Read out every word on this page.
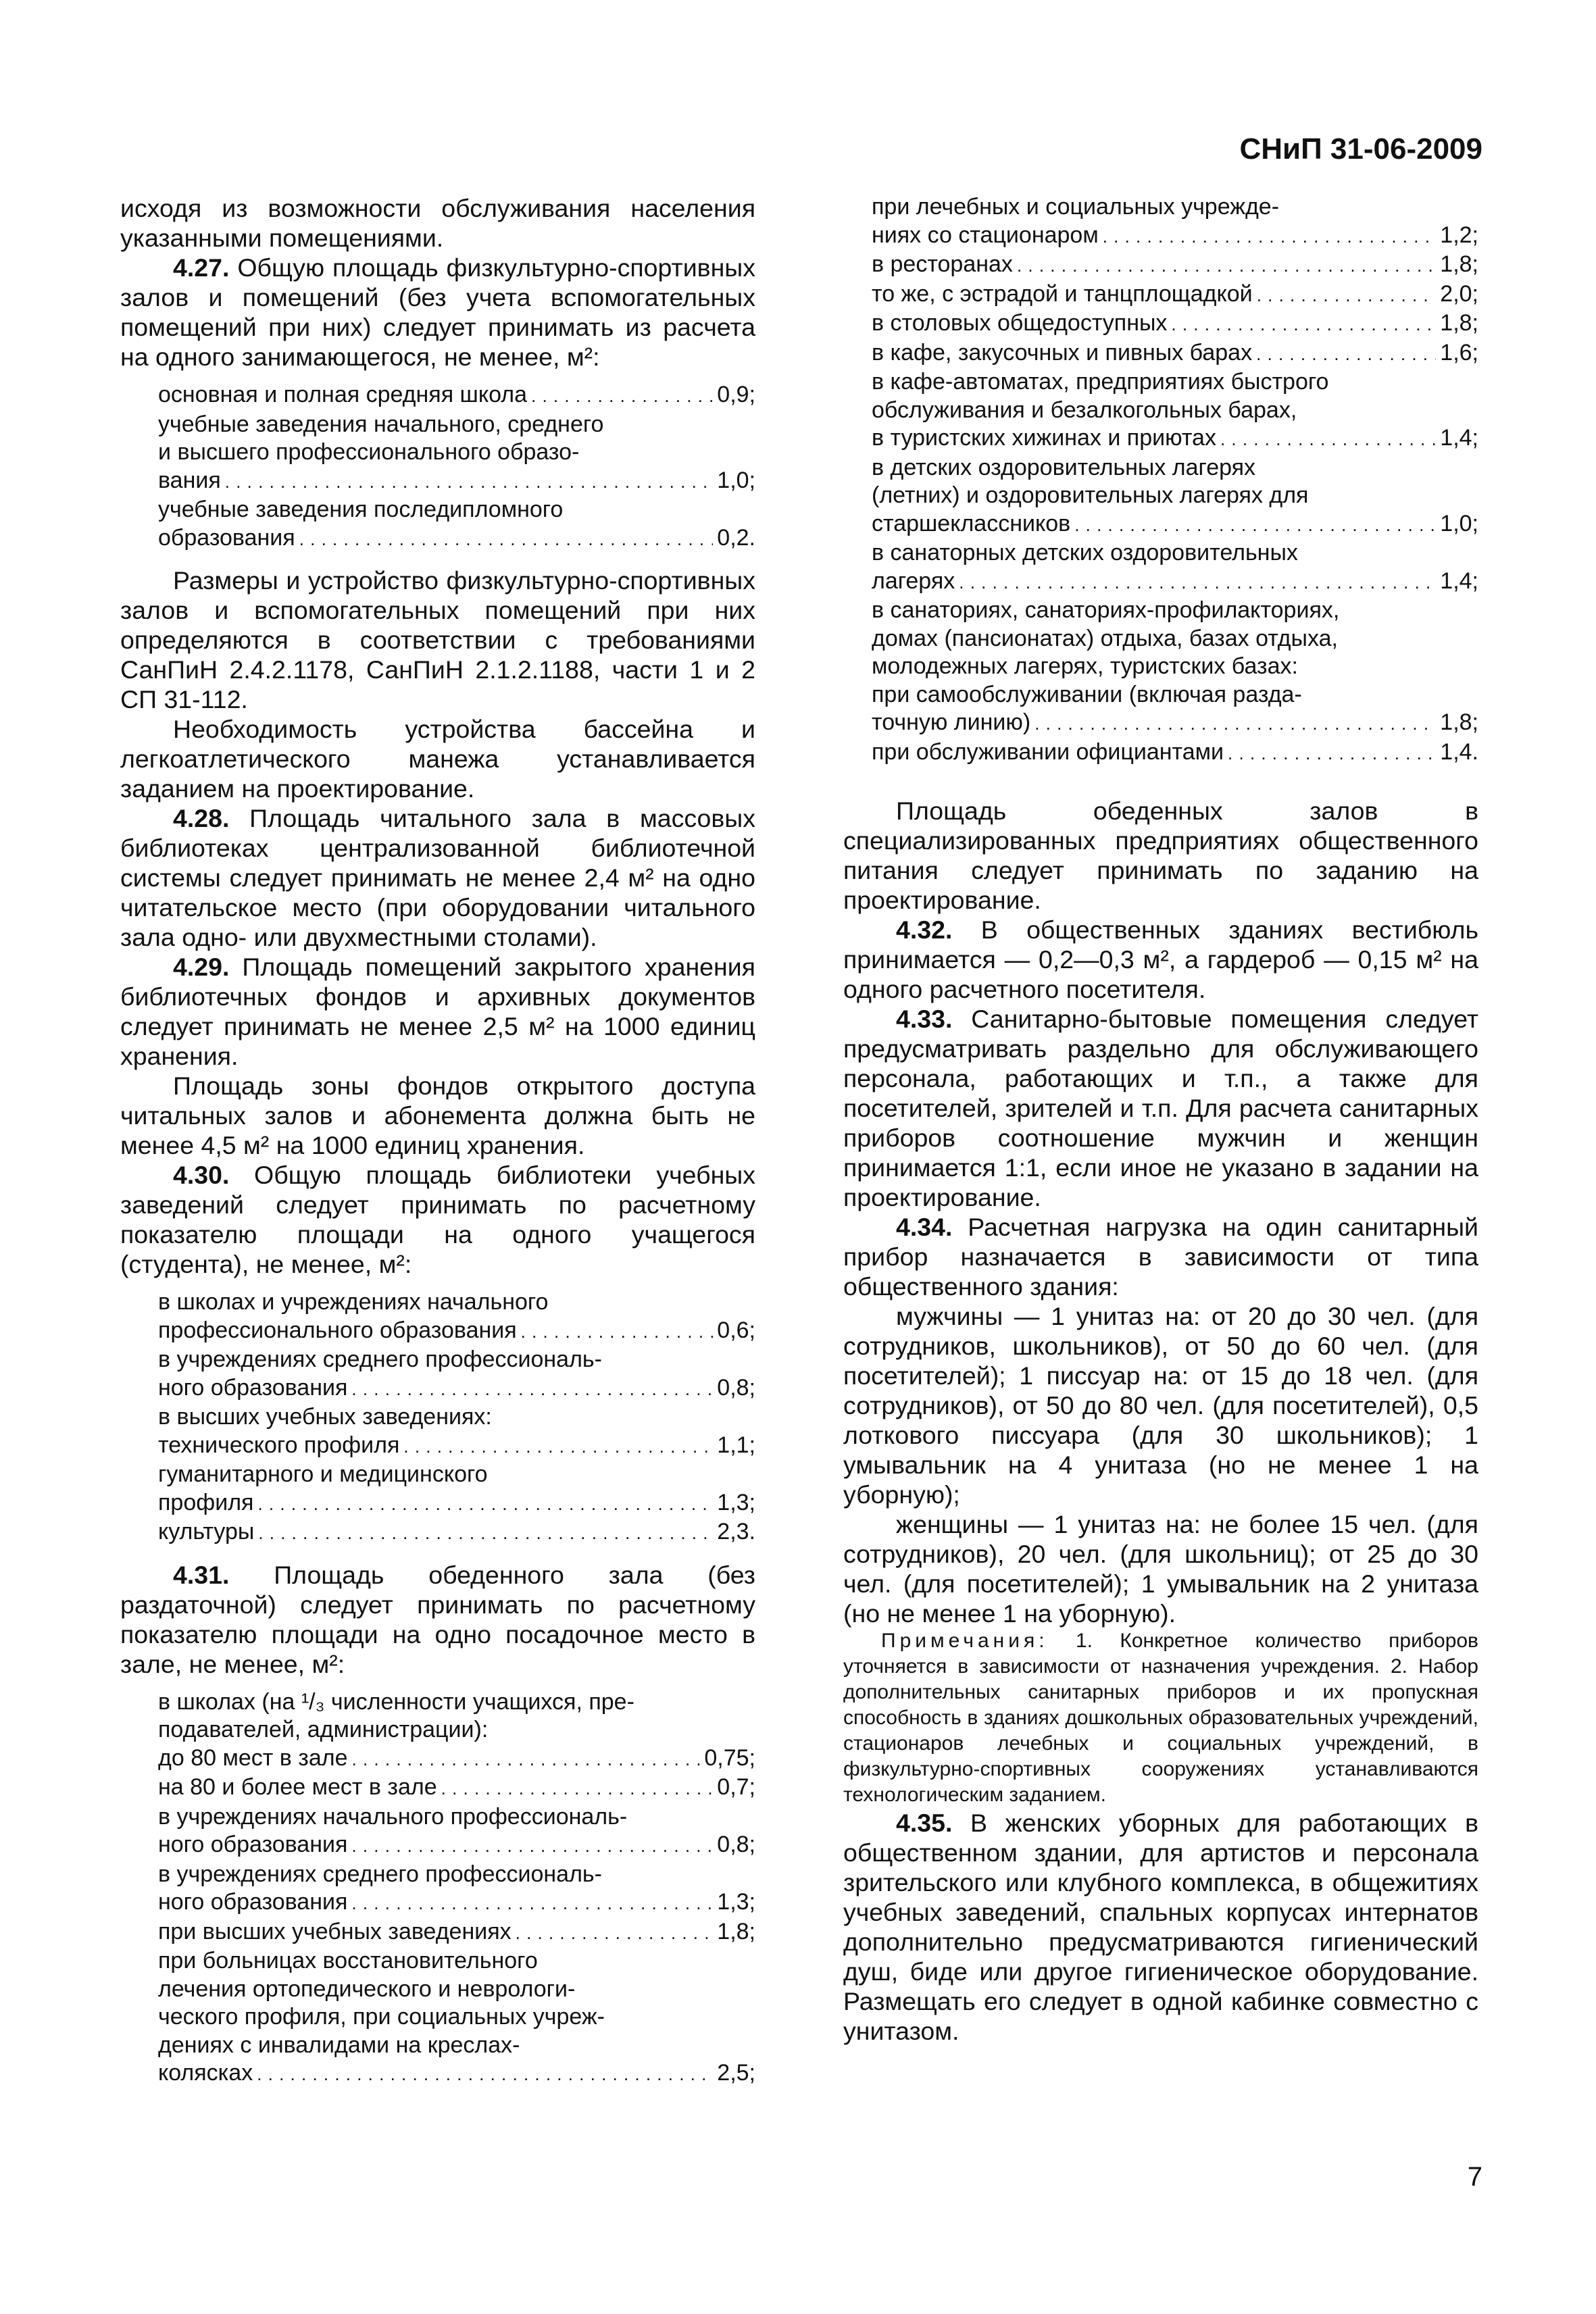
СНиП 31-06-2009

исходя из возможности обслуживания населения указанными помещениями.

4.27. Общую площадь физкультурно-спортивных залов и помещений (без учета вспомогательных помещений при них) следует принимать из расчета на одного занимающегося, не менее, м²:

основная и полная средняя школа . . .	0,9;
учебные заведения начального, среднего
и высшего профессионального образо-
вания . . .	1,0;
учебные заведения последипломного
образования . . .	0,2.

Размеры и устройство физкультурно-спортивных залов и вспомогательных помещений при них определяются в соответствии с требованиями СанПиН 2.4.2.1178, СанПиН 2.1.2.1188, части 1 и 2 СП 31-112.

Необходимость устройства бассейна и легкоатлетического манежа устанавливается заданием на проектирование.

4.28. Площадь читального зала в массовых библиотеках централизованной библиотечной системы следует принимать не менее 2,4 м² на одно читательское место (при оборудовании читального зала одно- или двухместными столами).

4.29. Площадь помещений закрытого хранения библиотечных фондов и архивных документов следует принимать не менее 2,5 м² на 1000 единиц хранения.

Площадь зоны фондов открытого доступа читальных залов и абонемента должна быть не менее 4,5 м² на 1000 единиц хранения.

4.30. Общую площадь библиотеки учебных заведений следует принимать по расчетному показателю площади на одного учащегося (студента), не менее, м²:

в школах и учреждениях начального
профессионального образования . . .	0,6;
в учреждениях среднего профессиональ-
ного образования . . .	0,8;
в высших учебных заведениях:
технического профиля . . .	1,1;
гуманитарного и медицинского
профиля . . .	1,3;
культуры . . .	2,3.

4.31. Площадь обеденного зала (без раздаточной) следует принимать по расчетному показателю площади на одно посадочное место в зале, не менее, м²:

в школах (на ¹/₃ численности учащихся, пре-
подавателей, администрации):
до 80 мест в зале . . .	0,75;
на 80 и более мест в зале . . .	0,7;
в учреждениях начального профессиональ-
ного образования . . .	0,8;
в учреждениях среднего профессиональ-
ного образования . . .	1,3;
при высших учебных заведениях . . .	1,8;
при больницах восстановительного
лечения ортопедического и неврологи-
ческого профиля, при социальных учреж-
дениях с инвалидами на креслах-
колясках . . .	2,5;
при лечебных и социальных учрежде-
ниях со стационаром . . .	1,2;
в ресторанах . . .	1,8;
то же, с эстрадой и танцплощадкой . . .	2,0;
в столовых общедоступных . . .	1,8;
в кафе, закусочных и пивных барах . . .	1,6;
в кафе-автоматах, предприятиях быстрого
обслуживания и безалкогольных барах,
в туристских хижинах и приютах . . .	1,4;
в детских оздоровительных лагерях
(летних) и оздоровительных лагерях для
старшеклассников . . .	1,0;
в санаторных детских оздоровительных
лагерях . . .	1,4;
в санаториях, санаториях-профилакториях,
домах (пансионатах) отдыха, базах отдыха,
молодежных лагерях, туристских базах:
при самообслуживании (включая разда-
точную линию) . . .	1,8;
при обслуживании официантами . . .	1,4.

Площадь обеденных залов в специализированных предприятиях общественного питания следует принимать по заданию на проектирование.

4.32. В общественных зданиях вестибюль принимается — 0,2—0,3 м², а гардероб — 0,15 м² на одного расчетного посетителя.

4.33. Санитарно-бытовые помещения следует предусматривать раздельно для обслуживающего персонала, работающих и т.п., а также для посетителей, зрителей и т.п. Для расчета санитарных приборов соотношение мужчин и женщин принимается 1:1, если иное не указано в задании на проектирование.

4.34. Расчетная нагрузка на один санитарный прибор назначается в зависимости от типа общественного здания:

мужчины — 1 унитаз на: от 20 до 30 чел. (для сотрудников, школьников), от 50 до 60 чел. (для посетителей); 1 писсуар на: от 15 до 18 чел. (для сотрудников), от 50 до 80 чел. (для посетителей), 0,5 лоткового писсуара (для 30 школьников); 1 умывальник на 4 унитаза (но не менее 1 на уборную);

женщины — 1 унитаз на: не более 15 чел. (для сотрудников), 20 чел. (для школьниц); от 25 до 30 чел. (для посетителей); 1 умывальник на 2 унитаза (но не менее 1 на уборную).

Примечания: 1. Конкретное количество приборов уточняется в зависимости от назначения учреждения. 2. Набор дополнительных санитарных приборов и их пропускная способность в зданиях дошкольных образовательных учреждений, стационаров лечебных и социальных учреждений, в физкультурно-спортивных сооружениях устанавливаются технологическим заданием.

4.35. В женских уборных для работающих в общественном здании, для артистов и персонала зрительского или клубного комплекса, в общежитиях учебных заведений, спальных корпусах интернатов дополнительно предусматриваются гигиенический душ, биде или другое гигиеническое оборудование. Размещать его следует в одной кабинке совместно с унитазом.

7
